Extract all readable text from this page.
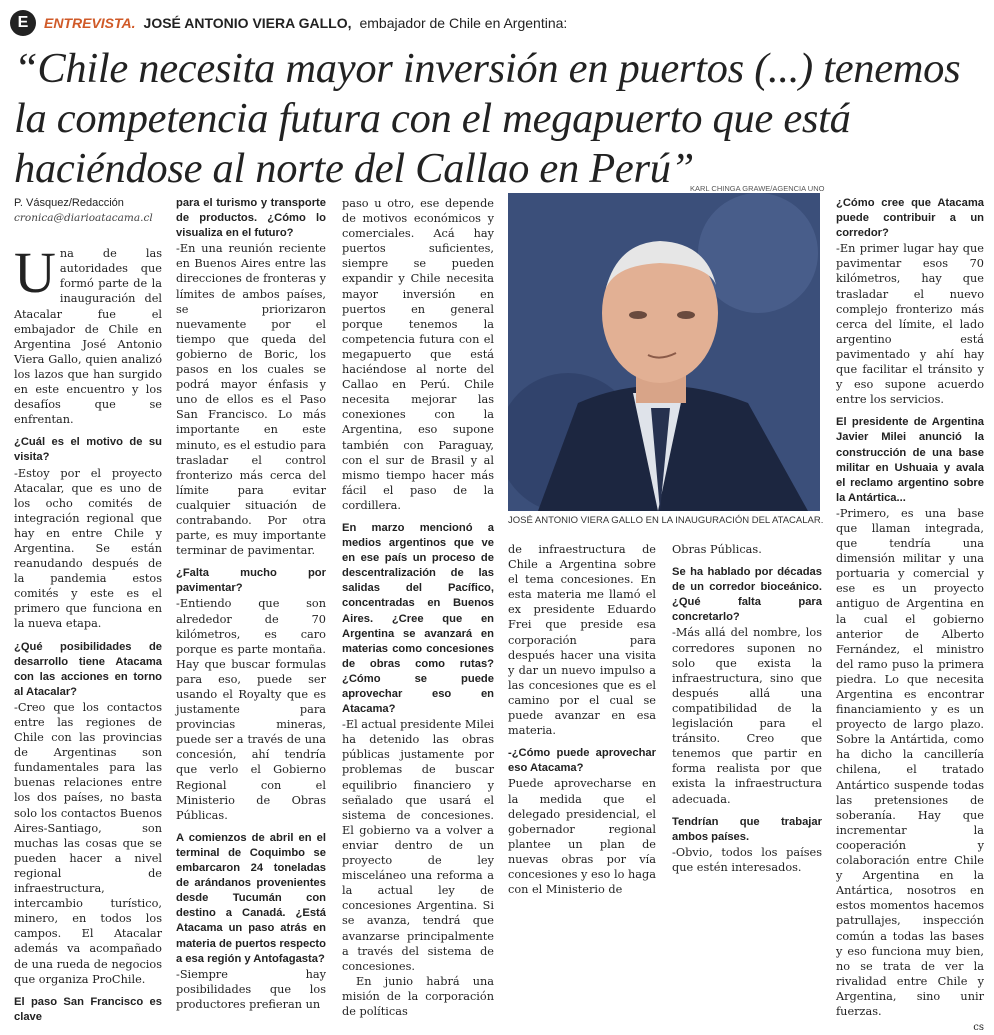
E	ENTREVISTA. JOSÉ ANTONIO VIERA GALLO, embajador de Chile en Argentina:
“Chile necesita mayor inversión en puertos (...) tenemos la competencia futura con el megapuerto que está haciéndose al norte del Callao en Perú”

P. Vásquez/Redacción

cronica@diarioatacama.cl

Una de las autoridades que formó parte de la inauguración del Atacalar fue el embajador de Chile en Argentina José Antonio Viera Gallo, quien analizó los lazos que han surgido en este encuentro y los desafíos que se enfrentan.

¿Cuál es el motivo de su visita?

-Estoy por el proyecto Atacalar, que es uno de los ocho comités de integración regional que hay en entre Chile y Argentina. Se están reanudando después de la pandemia estos comités y este es el primero que funciona en la nueva etapa.

¿Qué posibilidades de desarrollo tiene Atacama con las acciones en torno al Atacalar?

-Creo que los contactos entre las regiones de Chile con las provincias de Argentinas son fundamentales para las buenas relaciones entre los dos países, no basta solo los contactos Buenos Aires-Santiago, son muchas las cosas que se pueden hacer a nivel regional de infraestructura, intercambio turístico, minero, en todos los campos. El Atacalar además va acompañado de una rueda de negocios que organiza ProChile.

El paso San Francisco es clave

para el turismo y transporte de productos. ¿Cómo lo visualiza en el futuro?

-En una reunión reciente en Buenos Aires entre las direcciones de fronteras y límites de ambos países, se priorizaron nuevamente por el tiempo que queda del gobierno de Boric, los pasos en los cuales se podrá mayor énfasis y uno de ellos es el Paso San Francisco. Lo más importante en este minuto, es el estudio para trasladar el control fronterizo más cerca del límite para evitar cualquier situación de contrabando. Por otra parte, es muy importante terminar de pavimentar.

¿Falta mucho por pavimentar?

-Entiendo que son alrededor de 70 kilómetros, es caro porque es parte montaña. Hay que buscar formulas para eso, puede ser usando el Royalty que es justamente para provincias mineras, puede ser a través de una concesión, ahí tendría que verlo el Gobierno Regional con el Ministerio de Obras Públicas.

A comienzos de abril en el terminal de Coquimbo se embarcaron 24 toneladas de arándanos provenientes desde Tucumán con destino a Canadá. ¿Está Atacama un paso atrás en materia de puertos respecto a esa región y Antofagasta?

-Siempre hay posibilidades que los productores prefieran un

paso u otro, ese depende de motivos económicos y comerciales. Acá hay puertos suficientes, siempre se pueden expandir y Chile necesita mayor inversión en puertos en general porque tenemos la competencia futura con el megapuerto que está haciéndose al norte del Callao en Perú. Chile necesita mejorar las conexiones con la Argentina, eso supone también con Paraguay, con el sur de Brasil y al mismo tiempo hacer más fácil el paso de la cordillera.

En marzo mencionó a medios argentinos que ve en ese país un proceso de descentralización de las salidas del Pacífico, concentradas en Buenos Aires. ¿Cree que en Argentina se avanzará en materias como concesiones de obras como rutas? ¿Cómo se puede aprovechar eso en Atacama?

-El actual presidente Milei ha detenido las obras públicas justamente por problemas de buscar equilibrio financiero y señalado que usará el sistema de concesiones. El gobierno va a volver a enviar dentro de un proyecto de ley misceláneo una reforma a la actual ley de concesiones Argentina. Si se avanza, tendrá que avanzarse principalmente a través del sistema de concesiones.

En junio habrá una misión de la corporación de políticas

KARL CHINGA GRAWE/AGENCIA UNO
JOSÉ ANTONIO VIERA GALLO EN LA INAUGURACIÓN DEL ATACALAR.

de infraestructura de Chile a Argentina sobre el tema concesiones. En esta materia me llamó el ex presidente Eduardo Frei que preside esa corporación para después hacer una visita y dar un nuevo impulso a las concesiones que es el camino por el cual se puede avanzar en esa materia.

-¿Cómo puede aprovechar eso Atacama?

Puede aprovecharse en la medida que el delegado presidencial, el gobernador regional plantee un plan de nuevas obras por vía concesiones y eso lo haga con el Ministerio de

Obras Públicas.

Se ha hablado por décadas de un corredor bioceánico. ¿Qué falta para concretarlo?

-Más allá del nombre, los corredores suponen no solo que exista la infraestructura, sino que después allá una compatibilidad de la legislación para el tránsito. Creo que tenemos que partir en forma realista por que exista la infraestructura adecuada.

Tendrían que trabajar ambos países.

-Obvio, todos los países que estén interesados.

¿Cómo cree que Atacama puede contribuir a un corredor?

-En primer lugar hay que pavimentar esos 70 kilómetros, hay que trasladar el nuevo complejo fronterizo más cerca del límite, el lado argentino está pavimentado y ahí hay que facilitar el tránsito y y eso supone acuerdo entre los servicios.

El presidente de Argentina Javier Milei anunció la construcción de una base militar en Ushuaia y avala el reclamo argentino sobre la Antártica...

-Primero, es una base que llaman integrada, que tendría una dimensión militar y una portuaria y comercial y ese es un proyecto antiguo de Argentina en la cual el gobierno anterior de Alberto Fernández, el ministro del ramo puso la primera piedra. Lo que necesita Argentina es encontrar financiamiento y es un proyecto de largo plazo. Sobre la Antártida, como ha dicho la cancillería chilena, el tratado Antártico suspende todas las pretensiones de soberanía. Hay que incrementar la cooperación y colaboración entre Chile y Argentina en la Antártica, nosotros en estos momentos hacemos patrullajes, inspección común a todas las bases y eso funciona muy bien, no se trata de ver la rivalidad entre Chile y Argentina, sino unir fuerzas.

cs
